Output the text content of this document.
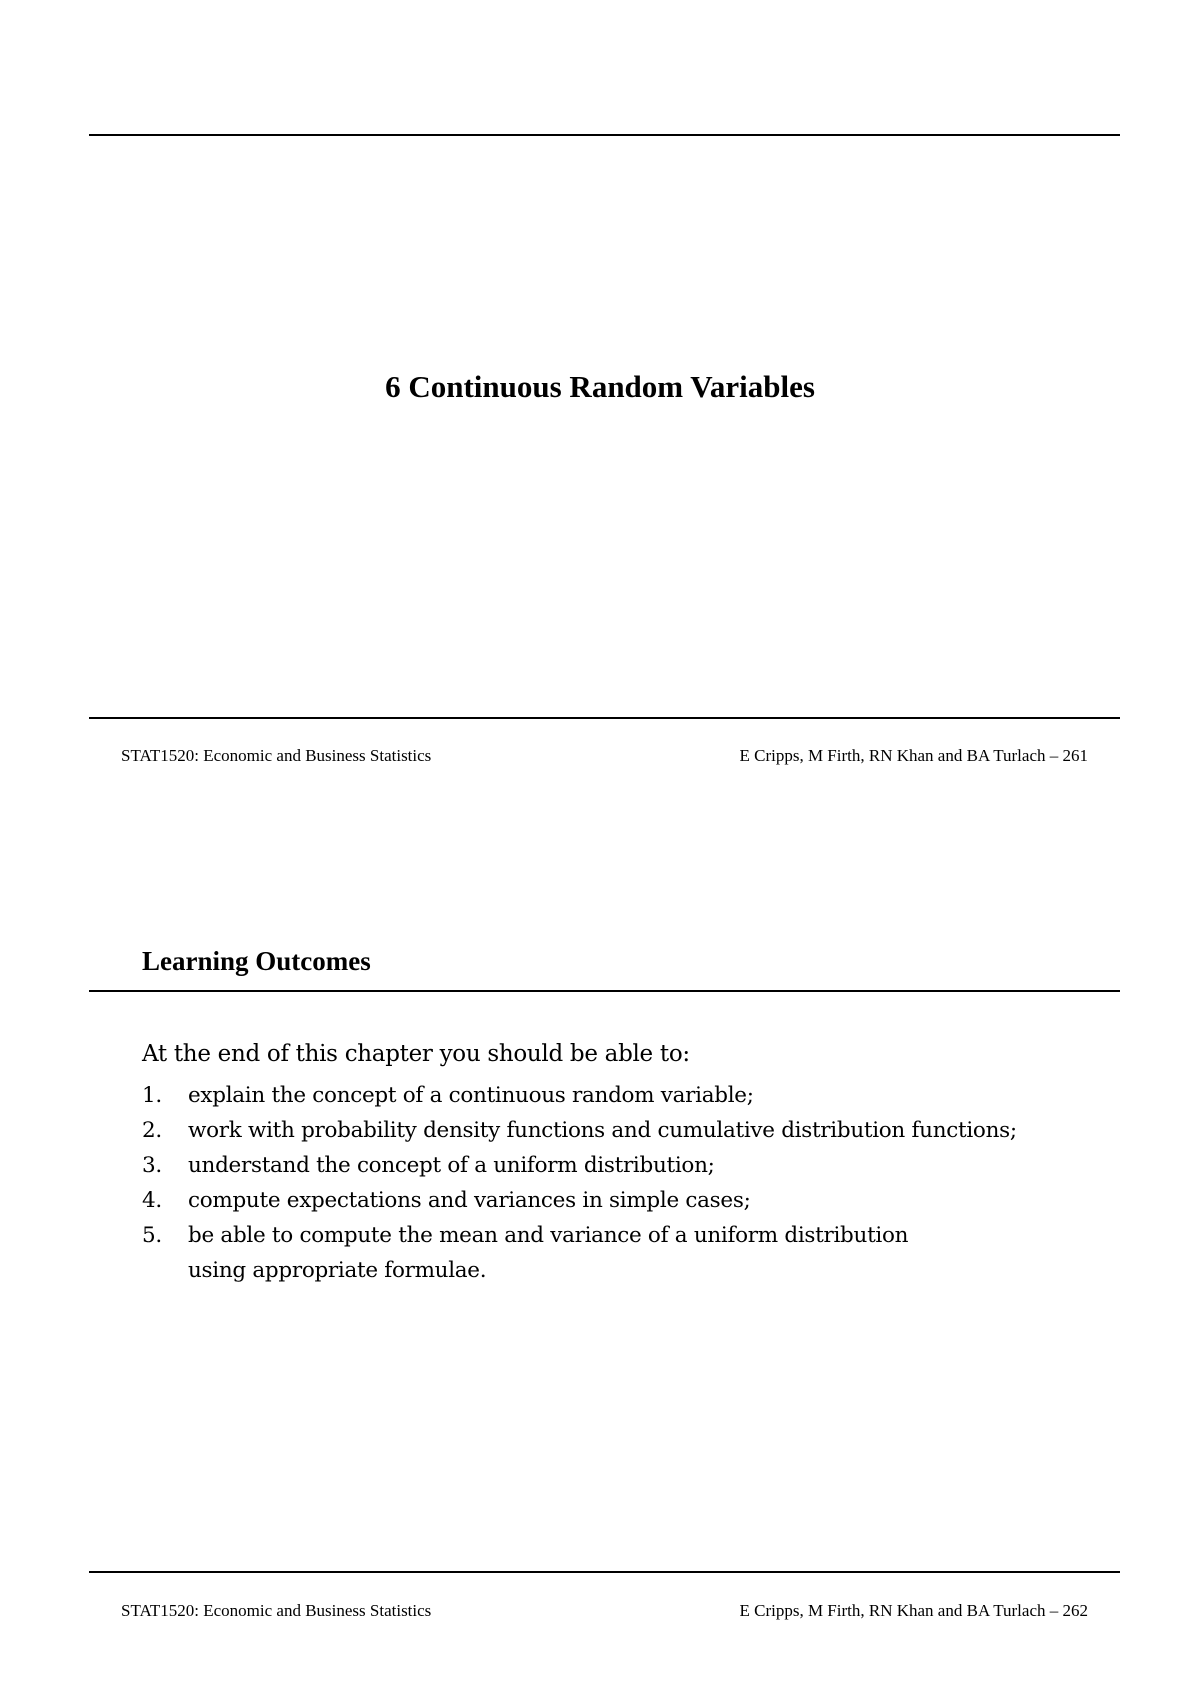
6 Continuous Random Variables
STAT1520: Economic and Business Statistics	E Cripps, M Firth, RN Khan and BA Turlach – 261
Learning Outcomes
At the end of this chapter you should be able to:
1.	explain the concept of a continuous random variable;
2.	work with probability density functions and cumulative distribution functions;
3.	understand the concept of a uniform distribution;
4.	compute expectations and variances in simple cases;
5.	be able to compute the mean and variance of a uniform distribution using appropriate formulae.
STAT1520: Economic and Business Statistics	E Cripps, M Firth, RN Khan and BA Turlach – 262
